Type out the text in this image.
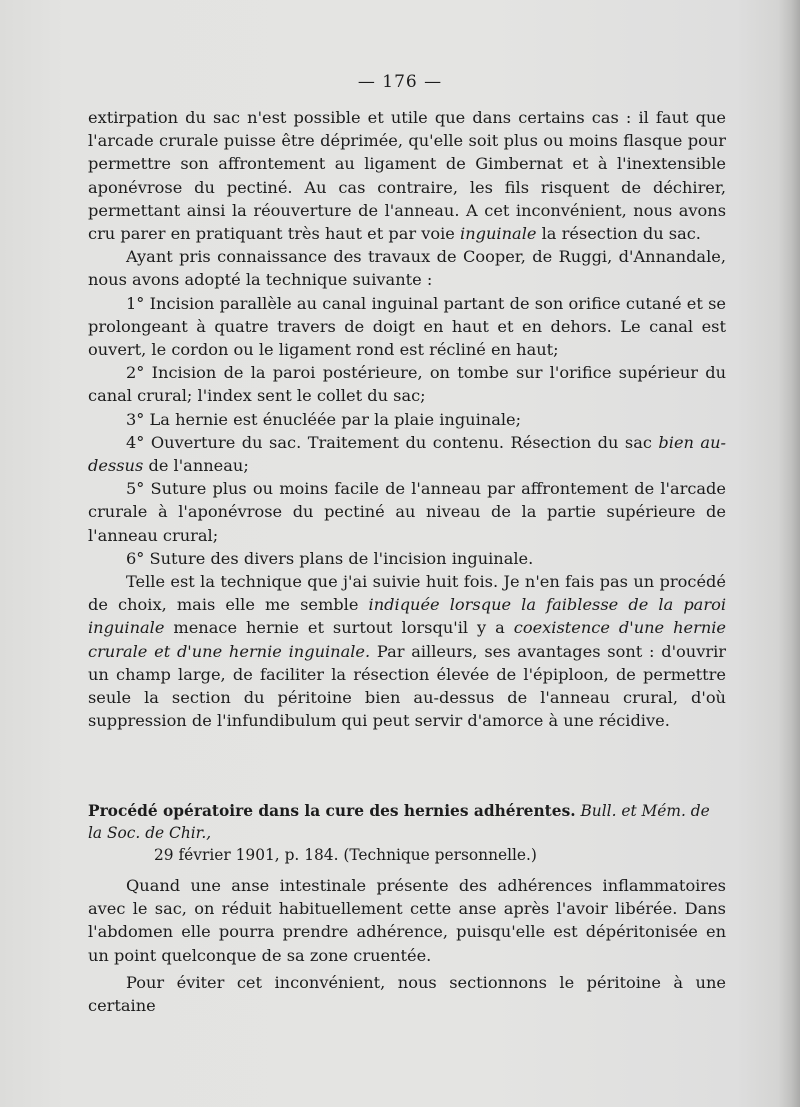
— 176 —

extirpation du sac n'est possible et utile que dans certains cas : il faut que l'arcade crurale puisse être déprimée, qu'elle soit plus ou moins flasque pour permettre son affrontement au ligament de Gimbernat et à l'inextensible aponévrose du pectiné. Au cas contraire, les fils risquent de déchirer, permettant ainsi la réouverture de l'anneau. A cet inconvénient, nous avons cru parer en pratiquant très haut et par voie inguinale la résection du sac.

Ayant pris connaissance des travaux de Cooper, de Ruggi, d'Annandale, nous avons adopté la technique suivante :

1° Incision parallèle au canal inguinal partant de son orifice cutané et se prolongeant à quatre travers de doigt en haut et en dehors. Le canal est ouvert, le cordon ou le ligament rond est récliné en haut;

2° Incision de la paroi postérieure, on tombe sur l'orifice supérieur du canal crural; l'index sent le collet du sac;

3° La hernie est énucléée par la plaie inguinale;

4° Ouverture du sac. Traitement du contenu. Résection du sac bien au-dessus de l'anneau;

5° Suture plus ou moins facile de l'anneau par affrontement de l'arcade crurale à l'aponévrose du pectiné au niveau de la partie supérieure de l'anneau crural;

6° Suture des divers plans de l'incision inguinale.

Telle est la technique que j'ai suivie huit fois. Je n'en fais pas un procédé de choix, mais elle me semble indiquée lorsque la faiblesse de la paroi inguinale menace hernie et surtout lorsqu'il y a coexistence d'une hernie crurale et d'une hernie inguinale. Par ailleurs, ses avantages sont : d'ouvrir un champ large, de faciliter la résection élevée de l'épiploon, de permettre seule la section du péritoine bien au-dessus de l'anneau crural, d'où suppression de l'infundibulum qui peut servir d'amorce à une récidive.

Procédé opératoire dans la cure des hernies adhérentes. Bull. et Mém. de la Soc. de Chir.,
29 février 1901, p. 184. (Technique personnelle.)

Quand une anse intestinale présente des adhérences inflammatoires avec le sac, on réduit habituellement cette anse après l'avoir libérée. Dans l'abdomen elle pourra prendre adhérence, puisqu'elle est dépéritonisée en un point quelconque de sa zone cruentée.

Pour éviter cet inconvénient, nous sectionnons le péritoine à une certaine
